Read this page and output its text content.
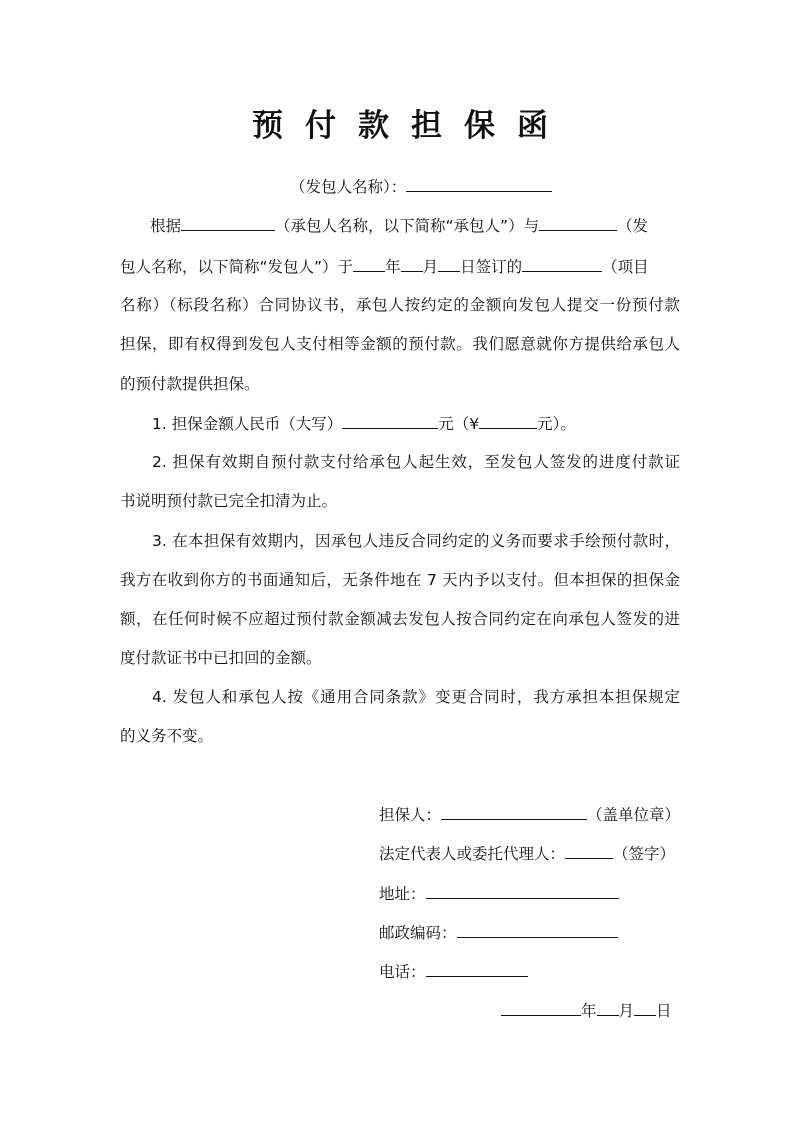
预付款担保函
（发包人名称）：
根据	（承包人名称，以下简称“承包人”）与	（发
包人名称，以下简称“发包人”）于 年 月 日签订的	（项目
名称）（标段名称）合同协议书，承包人按约定的金额向发包人提交一份预付款
担保，即有权得到发包人支付相等金额的预付款。我们愿意就你方提供给承包人
的预付款提供担保。
1. 担保金额人民币（大写）	元（¥	元）。
2. 担保有效期自预付款支付给承包人起生效，至发包人签发的进度付款证
书说明预付款已完全扣清为止。
3. 在本担保有效期内，因承包人违反合同约定的义务而要求手绘预付款时，
我方在收到你方的书面通知后，无条件地在 7 天内予以支付。但本担保的担保金
额，在任何时候不应超过预付款金额减去发包人按合同约定在向承包人签发的进
度付款证书中已扣回的金额。
4. 发包人和承包人按《通用合同条款》变更合同时，我方承担本担保规定
的义务不变。
担保人：	（盖单位章）
法定代表人或委托代理人：	（签字）
地址：
邮政编码：
电话：
年 月 日
